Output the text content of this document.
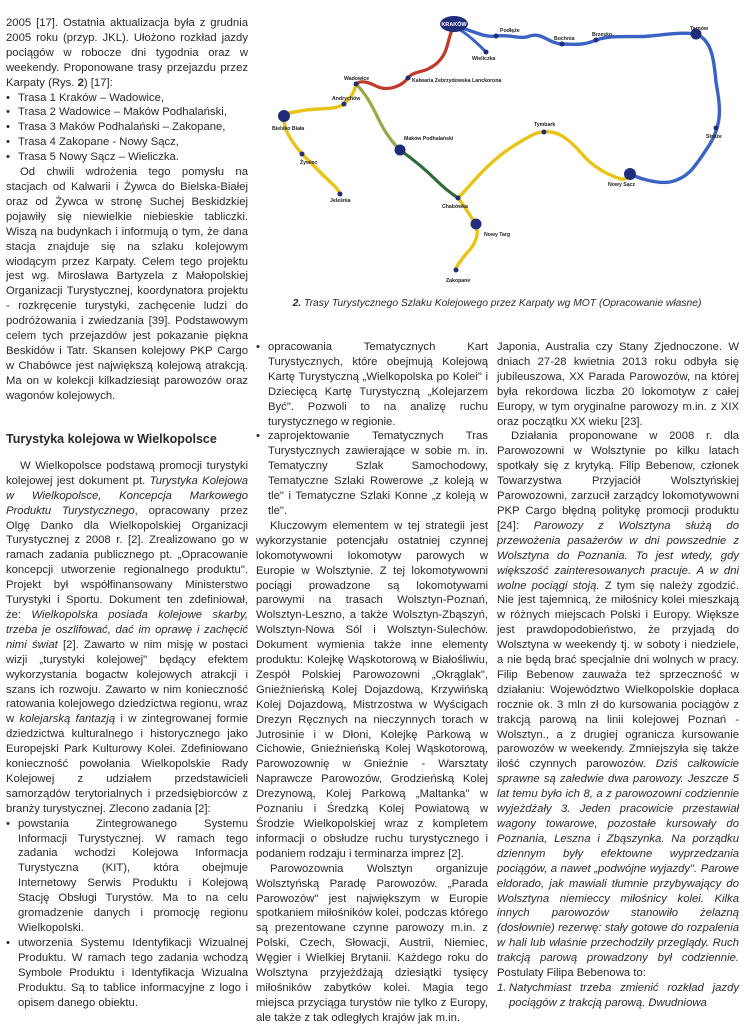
2005 [17]. Ostatnia aktualizacja była z grudnia 2005 roku (przyp. JKL). Ułożono rozkład jazdy pociągów w robocze dni tygodnia oraz w weekendy. Proponowane trasy przejazdu przez Karpaty (Rys. 2) [17]:

• Trasa 1 Kraków – Wadowice,
• Trasa 2 Wadowice – Maków Podhalański,
• Trasa 3 Maków Podhalański – Zakopane,
• Trasa 4 Zakopane - Nowy Sącz,
• Trasa 5 Nowy Sącz – Wieliczka.

Od chwili wdrożenia tego pomysłu na stacjach od Kalwarii i Żywca do Bielska-Białej oraz od Żywca w stronę Suchej Beskidzkiej pojawiły się niewielkie niebieskie tabliczki. Wiszą na budynkach i informują o tym, że dana stacja znajduje się na szlaku kolejowym wiodącym przez Karpaty. Celem tego projektu jest wg. Mirosława Bartyzela z Małopolskiej Organizacji Turystycznej, koordynatora projektu - rozkręcenie turystyki, zachęcenie ludzi do podróżowania i zwiedzania [39]. Podstawowym celem tych przejazdów jest pokazanie piękna Beskidów i Tatr. Skansen kolejowy PKP Cargo w Chabówce jest największą kolejową atrakcją. Ma on w kolekcji kilkadziesiąt parowozów oraz wagonów kolejowych.

Turystyka kolejowa w Wielkopolsce

W Wielkopolsce podstawą promocji turystyki kolejowej jest dokument pt. Turystyka Kolejowa w Wielkopolsce, Koncepcja Markowego Produktu Turystycznego, opracowany przez Olgę Danko dla Wielkopolskiej Organizacji Turystycznej z 2008 r. [2]. Zrealizowano go w ramach zadania publicznego pt. „Opracowanie koncepcji utworzenie regionalnego produktu". Projekt był współfinansowany Ministerstwo Turystyki i Sportu. Dokument ten zdefiniował, że: Wielkopolska posiada kolejowe skarby, trzeba je oszlifować, dać im oprawę i zachęcić nimi świat [2]. Zawarto w nim misję w postaci wizji „turystyki kolejowej" będący efektem wykorzystania bogactw kolejowych atrakcji i szans ich rozwoju. Zawarto w nim konieczność ratowania kolejowego dziedzictwa regionu, wraz w kolejarską fantazją i w zintegrowanej formie dziedzictwa kulturalnego i historycznego jako Europejski Park Kulturowy Kolei. Zdefiniowano konieczność powołania Wielkopolskie Rady Kolejowej z udziałem przedstawicieli samorządów terytorialnych i przedsiębiorców z branży turystycznej. Zlecono zadania [2]:

• powstania Zintegrowanego Systemu Informacji Turystycznej. W ramach tego zadania wchodzi Kolejowa Informacja Turystyczna (KIT), która obejmuje Internetowy Serwis Produktu i Kolejową Stację Obsługi Turystów. Ma to na celu gromadzenie danych i promocję regionu Wielkopolski.
• utworzenia Systemu Identyfikacji Wizualnej Produktu. W ramach tego zadania wchodzą Symbole Produktu i Identyfikacja Wizualna Produktu. Są to tablice informacyjne z logo i opisem danego obiektu.
KRAKÓW
Podłęże
Bochnia
Brzesko
Tarnów
Wieliczka
Wadowice	Kalwaria Zebrzydowska Lanckorona
Andrychów
Bielsko Biała
Żywiec
Jeleśnia
Maków Podhalański
Chabówka
Nowy Targ
Zakopane
Tymbark
Nowy Sącz
Stróże
2. Trasy Turystycznego Szlaku Kolejowego przez Karpaty wg MOT (Opracowanie własne)
• opracowania Tematycznych Kart Turystycznych, które obejmują Kolejową Kartę Turystyczną „Wielkopolska po Kolei" i Dziecięcą Kartę Turystyczną „Kolejarzem Być". Pozwoli to na analizę ruchu turystycznego w regionie.
• zaprojektowanie Tematycznych Tras Turystycznych zawierające w sobie m. in. Tematyczny Szlak Samochodowy, Tematyczne Szlaki Rowerowe „z koleją w tle" i Tematyczne Szlaki Konne „z koleją w tle".

Kluczowym elementem w tej strategii jest wykorzystanie potencjału ostatniej czynnej lokomotywowni lokomotyw parowych w Europie w Wolsztynie. Z tej lokomotywowni pociągi prowadzone są lokomotywami parowymi na trasach Wolsztyn-Poznań, Wolsztyn-Leszno, a także Wolsztyn-Zbąszyń, Wolsztyn-Nowa Sól i Wolsztyn-Sulechów. Dokument wymienia także inne elementy produktu: Kolejkę Wąskotorową w Białośliwiu, Zespół Polskiej Parowozowni „Okrąglak", Gnieźnieńską Kolej Dojazdową, Krzywińską Kolej Dojazdową, Mistrzostwa w Wyścigach Drezyn Ręcznych na nieczynnych torach w Jutrosinie i w Dłoni, Kolejkę Parkową w Cichowie, Gnieźnieńską Kolej Wąskotorową, Parowozownię w Gnieźnie - Warsztaty Naprawcze Parowozów, Grodzieńską Kolej Drezynową, Kolej Parkową „Maltanka" w Poznaniu i Średzką Kolej Powiatową w Środzie Wielkopolskiej wraz z kompletem informacji o obsłudze ruchu turystycznego i podaniem rodzaju i terminarza imprez [2].

Parowozownia Wolsztyn organizuje Wolsztyńską Paradę Parowozów. „Parada Parowozów" jest największym w Europie spotkaniem miłośników kolei, podczas którego są prezentowane czynne parowozy m.in. z Polski, Czech, Słowacji, Austrii, Niemiec, Węgier i Wielkiej Brytanii. Każdego roku do Wolsztyna przyjeżdżają dziesiątki tysięcy miłośników zabytków kolei. Magia tego miejsca przyciąga turystów nie tylko z Europy, ale także z tak odległych krajów jak m.in.

Japonia, Australia czy Stany Zjednoczone. W dniach 27-28 kwietnia 2013 roku odbyła się jubileuszowa, XX Parada Parowozów, na której była rekordowa liczba 20 lokomotyw z całej Europy, w tym oryginalne parowozy m.in. z XIX oraz początku XX wieku [23].

Działania proponowane w 2008 r. dla Parowozowni w Wolsztynie po kilku latach spotkały się z krytyką. Filip Bebenow, członek Towarzystwa Przyjaciół Wolsztyńskiej Parowozowni, zarzucił zarządcy lokomotywowni PKP Cargo błędną politykę promocji produktu [24]: Parowozy z Wolsztyna służą do przewożenia pasażerów w dni powszednie z Wolsztyna do Poznania. To jest wtedy, gdy większość zainteresowanych pracuje. A w dni wolne pociągi stoją. Z tym się należy zgodzić. Nie jest tajemnicą, że miłośnicy kolei mieszkają w różnych miejscach Polski i Europy. Większe jest prawdopodobieństwo, że przyjadą do Wolsztyna w weekendy tj. w soboty i niedziele, a nie będą brać specjalnie dni wolnych w pracy. Filip Bebenow zauważa też sprzeczność w działaniu: Województwo Wielkopolskie dopłaca rocznie ok. 3 mln zł do kursowania pociągów z trakcją parową na linii kolejowej Poznań - Wolsztyn., a z drugiej ogranicza kursowanie parowozów w weekendy. Zmniejszyła się także ilość czynnych parowozów. Dziś całkowicie sprawne są zaledwie dwa parowozy. Jeszcze 5 lat temu było ich 8, a z parowozowni codziennie wyjeżdżały 3. Jeden pracowicie przestawiał wagony towarowe, pozostałe kursowały do Poznania, Leszna i Zbąszynka. Na porządku dziennym były efektowne wyprzedzania pociągów, a nawet „podwójne wyjazdy". Parowe eldorado, jak mawiali tłumnie przybywający do Wolsztyna niemieccy miłośnicy kolei. Kilka innych parowozów stanowiło żelazną (dosłownie) rezerwę: stały gotowe do rozpalenia w hali lub właśnie przechodziły przeglądy. Ruch trakcją parową prowadzony był codziennie. Postulaty Filipa Bebenowa to:

1. Natychmiast trzeba zmienić rozkład jazdy pociągów z trakcją parową. Dwudniowa
